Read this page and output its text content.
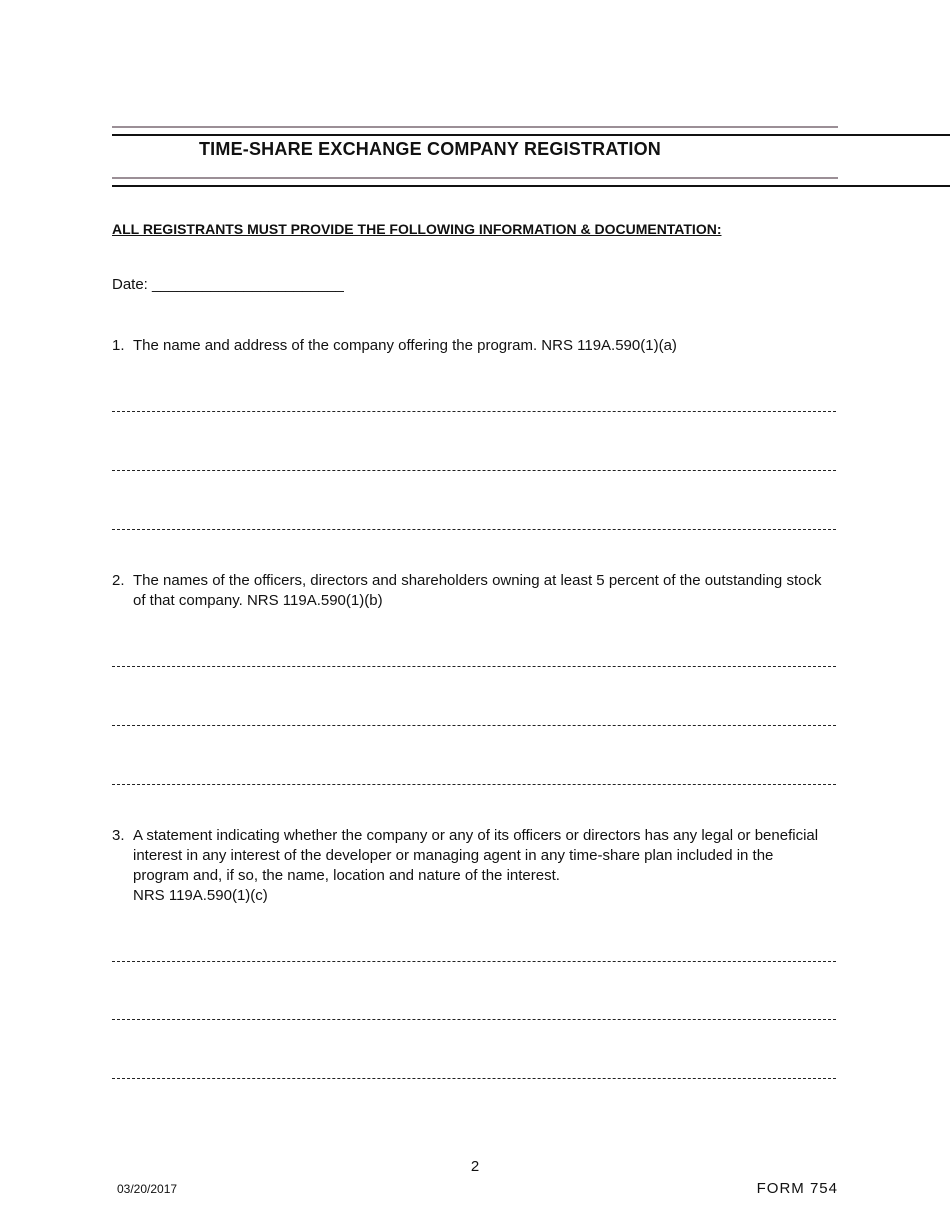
TIME-SHARE EXCHANGE COMPANY REGISTRATION
ALL REGISTRANTS MUST PROVIDE THE FOLLOWING INFORMATION & DOCUMENTATION:
Date: _______________________
1. The name and address of the company offering the program. NRS 119A.590(1)(a)
2. The names of the officers, directors and shareholders owning at least 5 percent of the outstanding stock of that company. NRS 119A.590(1)(b)
3. A statement indicating whether the company or any of its officers or directors has any legal or beneficial interest in any interest of the developer or managing agent in any time-share plan included in the program and, if so, the name, location and nature of the interest.
NRS 119A.590(1)(c)
2
03/20/2017	FORM 754
